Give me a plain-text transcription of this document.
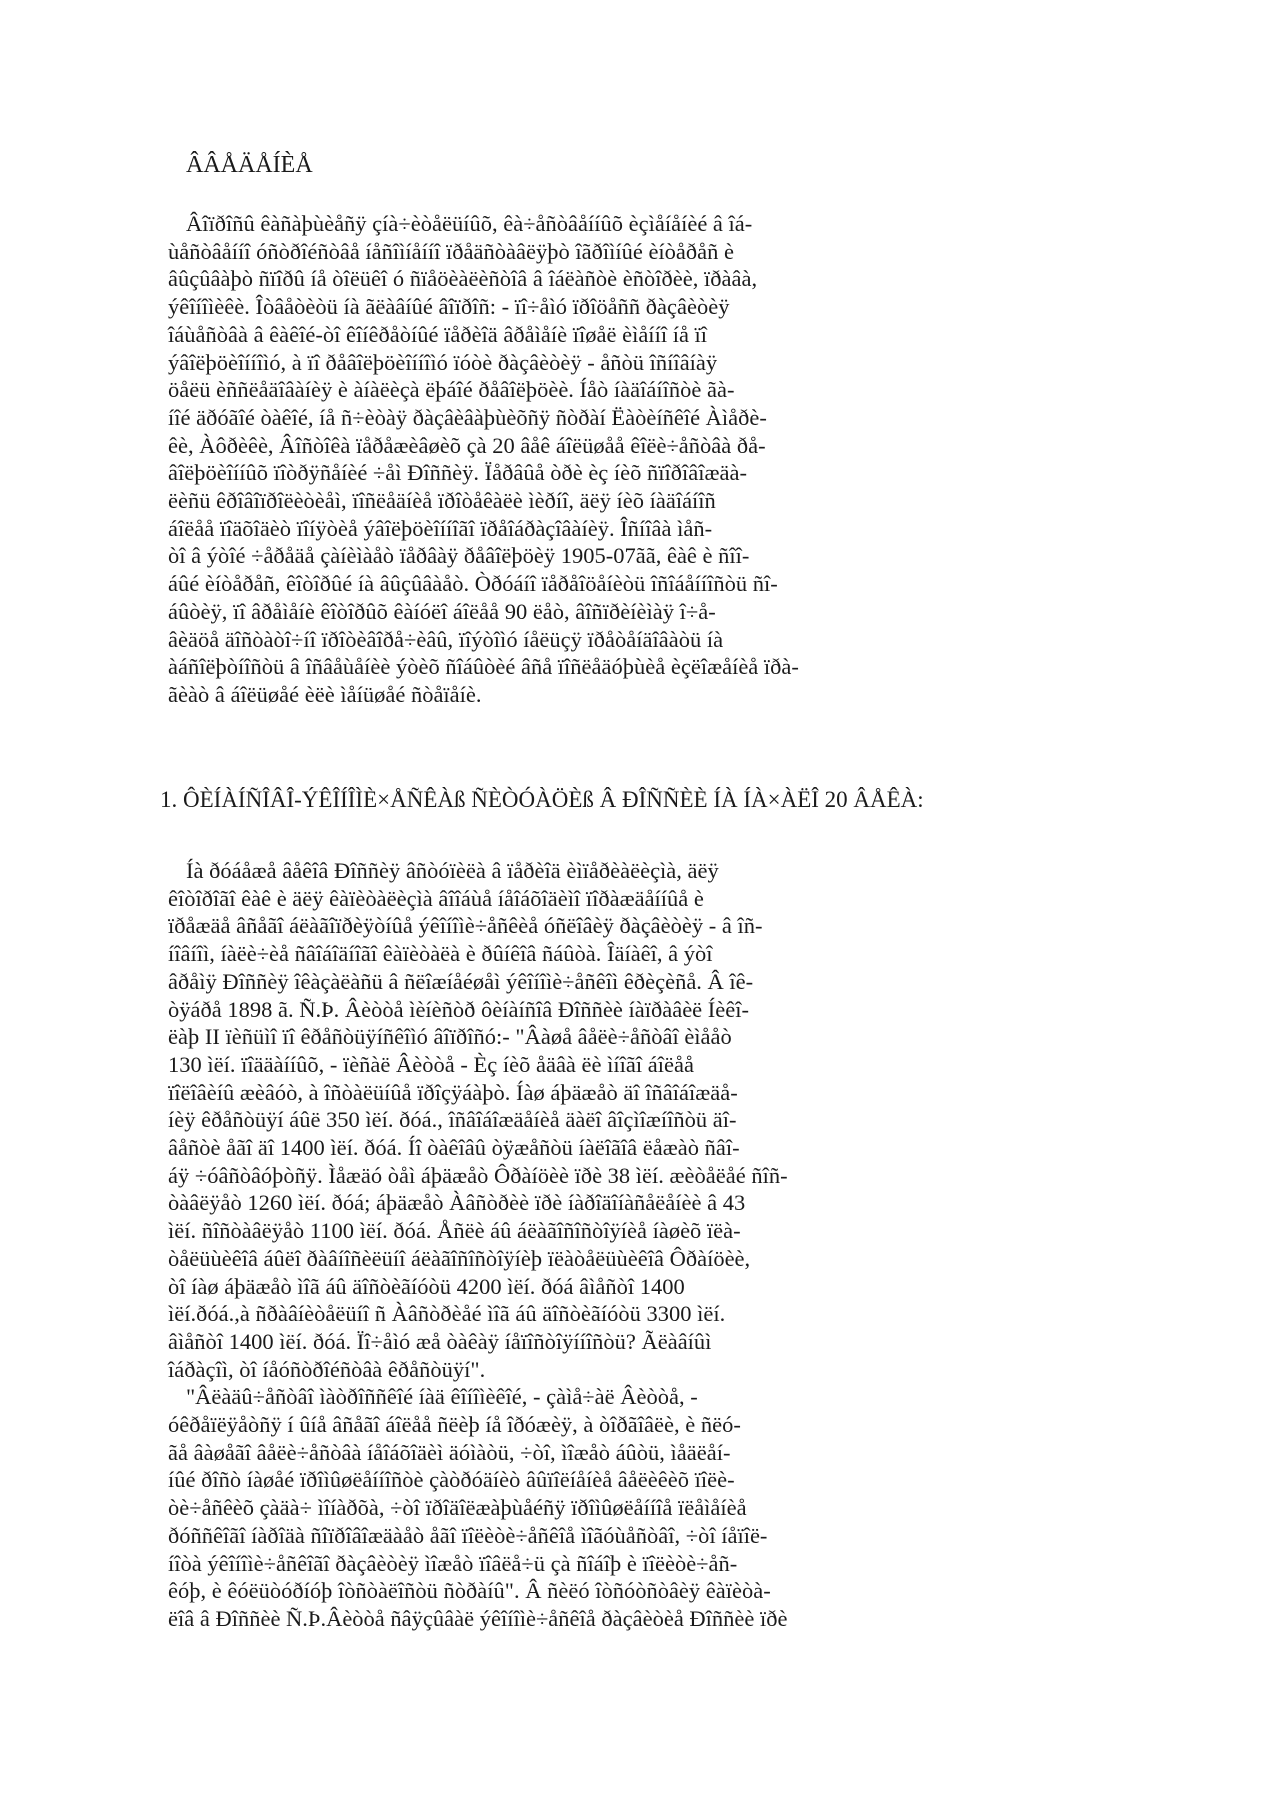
ÂÂÅÄÅÍÈÅ
Âîïðîñû êàñàþùèåñÿ çíà÷èòåëüíûõ, êà÷åñòâåííûõ èçìåíåíèé â îá-
ùåñòâåííî óñòðîéñòâå íåñîìíåííî ïðåäñòàâëÿþò îãðîìíûé èíòåðåñ è
âûçûâàþò ñïîðû íå òîëüêî ó ñïåöèàëèñòîâ â îáëàñòè èñòîðèè, ïðàâà,
ýêîíîìèêè. Îòâåòèòü íà ãëàâíûé âîïðîñ: - ïî÷åìó ïðîöåññ ðàçâèòèÿ
îáùåñòâà â êàêîé-òî êîíêðåòíûé ïåðèîä âðåìåíè ïîøåë èìåííî íå ïî
ýâîëþöèîííîìó, à ïî ðåâîëþöèîííîìó ïóòè ðàçâèòèÿ - åñòü îñíîâíàÿ
öåëü èññëåäîâàíèÿ è àíàëèçà ëþáîé ðåâîëþöèè. Íåò íàäîáíîñòè ãà-
íîé äðóãîé òàêîé, íå ñ÷èòàÿ ðàçâèâàþùèõñÿ ñòðàí Ëàòèíñêîé Àìåðè-
êè, Àôðèêè, Âîñòîêà ïåðåæèâøèõ çà 20 âåê áîëüøåå êîëè÷åñòâà ðå-
âîëþöèîííûõ ïîòðÿñåíèé ÷åì Ðîññèÿ. Ïåðâûå òðè èç íèõ ñïîðîâîæäà-
ëèñü êðîâîïðîëèòèåì, ïîñëåäíèå ïðîòåêàëè ìèðíî, äëÿ íèõ íàäîáíîñ
áîëåå ïîäõîäèò ïîíÿòèå ýâîëþöèîííîãî ïðåîáðàçîâàíèÿ. Îñíîâà ìåñ-
òî â ýòîé ÷åðåäå çàíèìàåò ïåðâàÿ ðåâîëþöèÿ 1905-07ãã, êàê è ñîî-
áûé èíòåðåñ, êîòîðûé íà âûçûâàåò. Òðóáíî ïåðåîöåíèòü îñîáåííîñòü ñî-
áûòèÿ, ïî âðåìåíè êîòîðûõ êàíóëî áîëåå 90 ëåò, âîñïðèíèìàÿ î÷å-
âèäöå äîñòàòî÷íî ïðîòèâîðå÷èâû, ïîýòîìó íåëüçÿ ïðåòåíäîâàòü íà
àáñîëþòíîñòü â îñâåùåíèè ýòèõ ñîáûòèé âñå ïîñëåäóþùèå èçëîæåíèå ïðà-
ãèàò â áîëüøåé èëè ìåíüøåé ñòåïåíè.
1. ÔÈÍÀÍÑÎÂÎ-ÝÊÎÍÎÌÈ×ÅÑÊÀß ÑÈÒÓÀÖÈß Â ÐÎÑÑÈÈ ÍÀ ÍÀ×ÀËÎ 20 ÂÅÊÀ:
Íà ðóáåæå âåêîâ Ðîññèÿ âñòóïèëà â ïåðèîä èìïåðèàëèçìà, äëÿ
êîòîðîãî êàê è äëÿ êàïèòàëèçìà âîîáùå íåîáõîäèìî ïîðàæäåííûå è
ïðåæäå âñåãî áëàãîïðèÿòíûå ýêîíîìè÷åñêèå óñëîâèÿ ðàçâèòèÿ - â îñ-
íîâíîì, íàëè÷èå ñâîáîäíîãî êàïèòàëà è ðûíêîâ ñáûòà. Îäíàêî, â ýòî
âðåìÿ Ðîññèÿ îêàçàëàñü â ñëîæíåéøåì ýêîíîìè÷åñêîì êðèçèñå. Â îê-
òÿáðå 1898 ã. Ñ.Þ. Âèòòå ìèíèñòð ôèíàíñîâ Ðîññèè íàïðàâèë Íèêî-
ëàþ II ïèñüìî ïî êðåñòüÿíñêîìó âîïðîñó:- "Âàøå âåëè÷åñòâî èìååò
130 ìëí. ïîääàííûõ, - ïèñàë Âèòòå - Èç íèõ åäâà ëè ìíîãî áîëåå
ïîëîâèíû æèâóò, à îñòàëüíûå ïðîçÿáàþò. Íàø áþäæåò äî îñâîáîæäå-
íèÿ êðåñòüÿí áûë 350 ìëí. ðóá., îñâîáîæäåíèå äàëî âîçìîæíîñòü äî-
âåñòè åãî äî 1400 ìëí. ðóá. Íî òàêîâû òÿæåñòü íàëîãîâ ëåæàò ñâî-
áÿ ÷óâñòâóþòñÿ. Ìåæäó òåì áþäæåò Ôðàíöèè ïðè 38 ìëí. æèòåëåé ñîñ-
òàâëÿåò 1260 ìëí. ðóá; áþäæåò Àâñòðèè ïðè íàðîäîíàñåëåíèè â 43
ìëí. ñîñòàâëÿåò 1100 ìëí. ðóá. Åñëè áû áëàãîñîñòîÿíèå íàøèõ ïëà-
òåëüùèêîâ áûëî ðàâíîñèëüíî áëàãîñîñòîÿíèþ ïëàòåëüùèêîâ Ôðàíöèè,
òî íàø áþäæåò ìîã áû äîñòèãíóòü 4200 ìëí. ðóá âìåñòî 1400
ìëí.ðóá.,à ñðàâíèòåëüíî ñ Àâñòðèåé ìîã áû äîñòèãíóòü 3300 ìëí.
âìåñòî 1400 ìëí. ðóá. Ïî÷åìó æå òàêàÿ íåïîñòîÿííîñòü? Ãëàâíûì
îáðàçîì, òî íåóñòðîéñòâà êðåñòüÿí".
"Âëàäû÷åñòâî ìàòðîññêîé íàä êîíîìèêîé, - çàìå÷àë Âèòòå, -
óêðåïëÿåòñÿ í ûíå âñåãî áîëåå ñëèþ íå îðóæèÿ, à òîðãîâëè, è ñëó-
ãå âàøåãî âåëè÷åñòâà íåîáõîäèì äóìàòü, ÷òî, ìîæåò áûòü, ìåäëåí-
íûé ðîñò íàøåé ïðîìûøëåííîñòè çàòðóäíèò âûïîëíåíèå âåëèêèõ ïîëè-
òè÷åñêèõ çàäà÷ ìîíàðõà, ÷òî ïðîäîëæàþùåéñÿ ïðîìûøëåííîå ïëåìåíèå
ðóññêîãî íàðîäà ñîïðîâîæäàåò åãî ïîëèòè÷åñêîå ìîãóùåñòâî, ÷òî íåïîë-
íîòà ýêîíîìè÷åñêîãî ðàçâèòèÿ ìîæåò ïîâëå÷ü çà ñîáîþ è ïîëèòè÷åñ-
êóþ, è êóëüòóðíóþ îòñòàëîñòü ñòðàíû". Â ñèëó îòñóòñòâèÿ êàïèòà-
ëîâ â Ðîññèè Ñ.Þ.Âèòòå ñâÿçûâàë ýêîíîìè÷åñêîå ðàçâèòèå Ðîññèè ïðè
